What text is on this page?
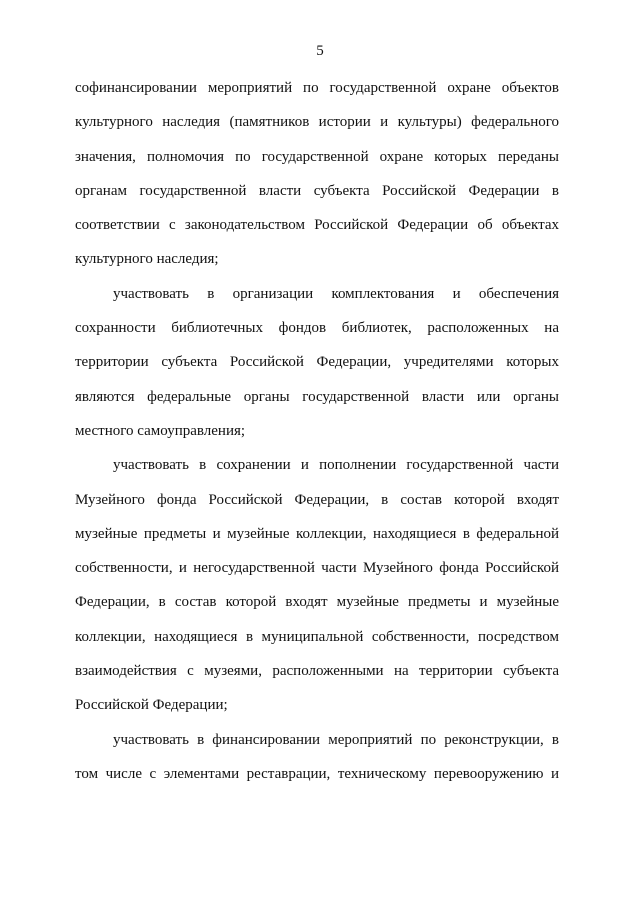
5
софинансировании мероприятий по государственной охране объектов
культурного наследия (памятников истории и культуры) федерального
значения, полномочия по государственной охране которых переданы
органам государственной власти субъекта Российской Федерации в
соответствии с законодательством Российской Федерации об объектах
культурного наследия;
участвовать в организации комплектования и обеспечения
сохранности библиотечных фондов библиотек, расположенных на
территории субъекта Российской Федерации, учредителями которых
являются федеральные органы государственной власти или органы
местного самоуправления;
участвовать в сохранении и пополнении государственной части
Музейного фонда Российской Федерации, в состав которой входят
музейные предметы и музейные коллекции, находящиеся в федеральной
собственности, и негосударственной части Музейного фонда Российской
Федерации, в состав которой входят музейные предметы и музейные
коллекции, находящиеся в муниципальной собственности, посредством
взаимодействия с музеями, расположенными на территории субъекта
Российской Федерации;
участвовать в финансировании мероприятий по реконструкции, в
том числе с элементами реставрации, техническому перевооружению и
